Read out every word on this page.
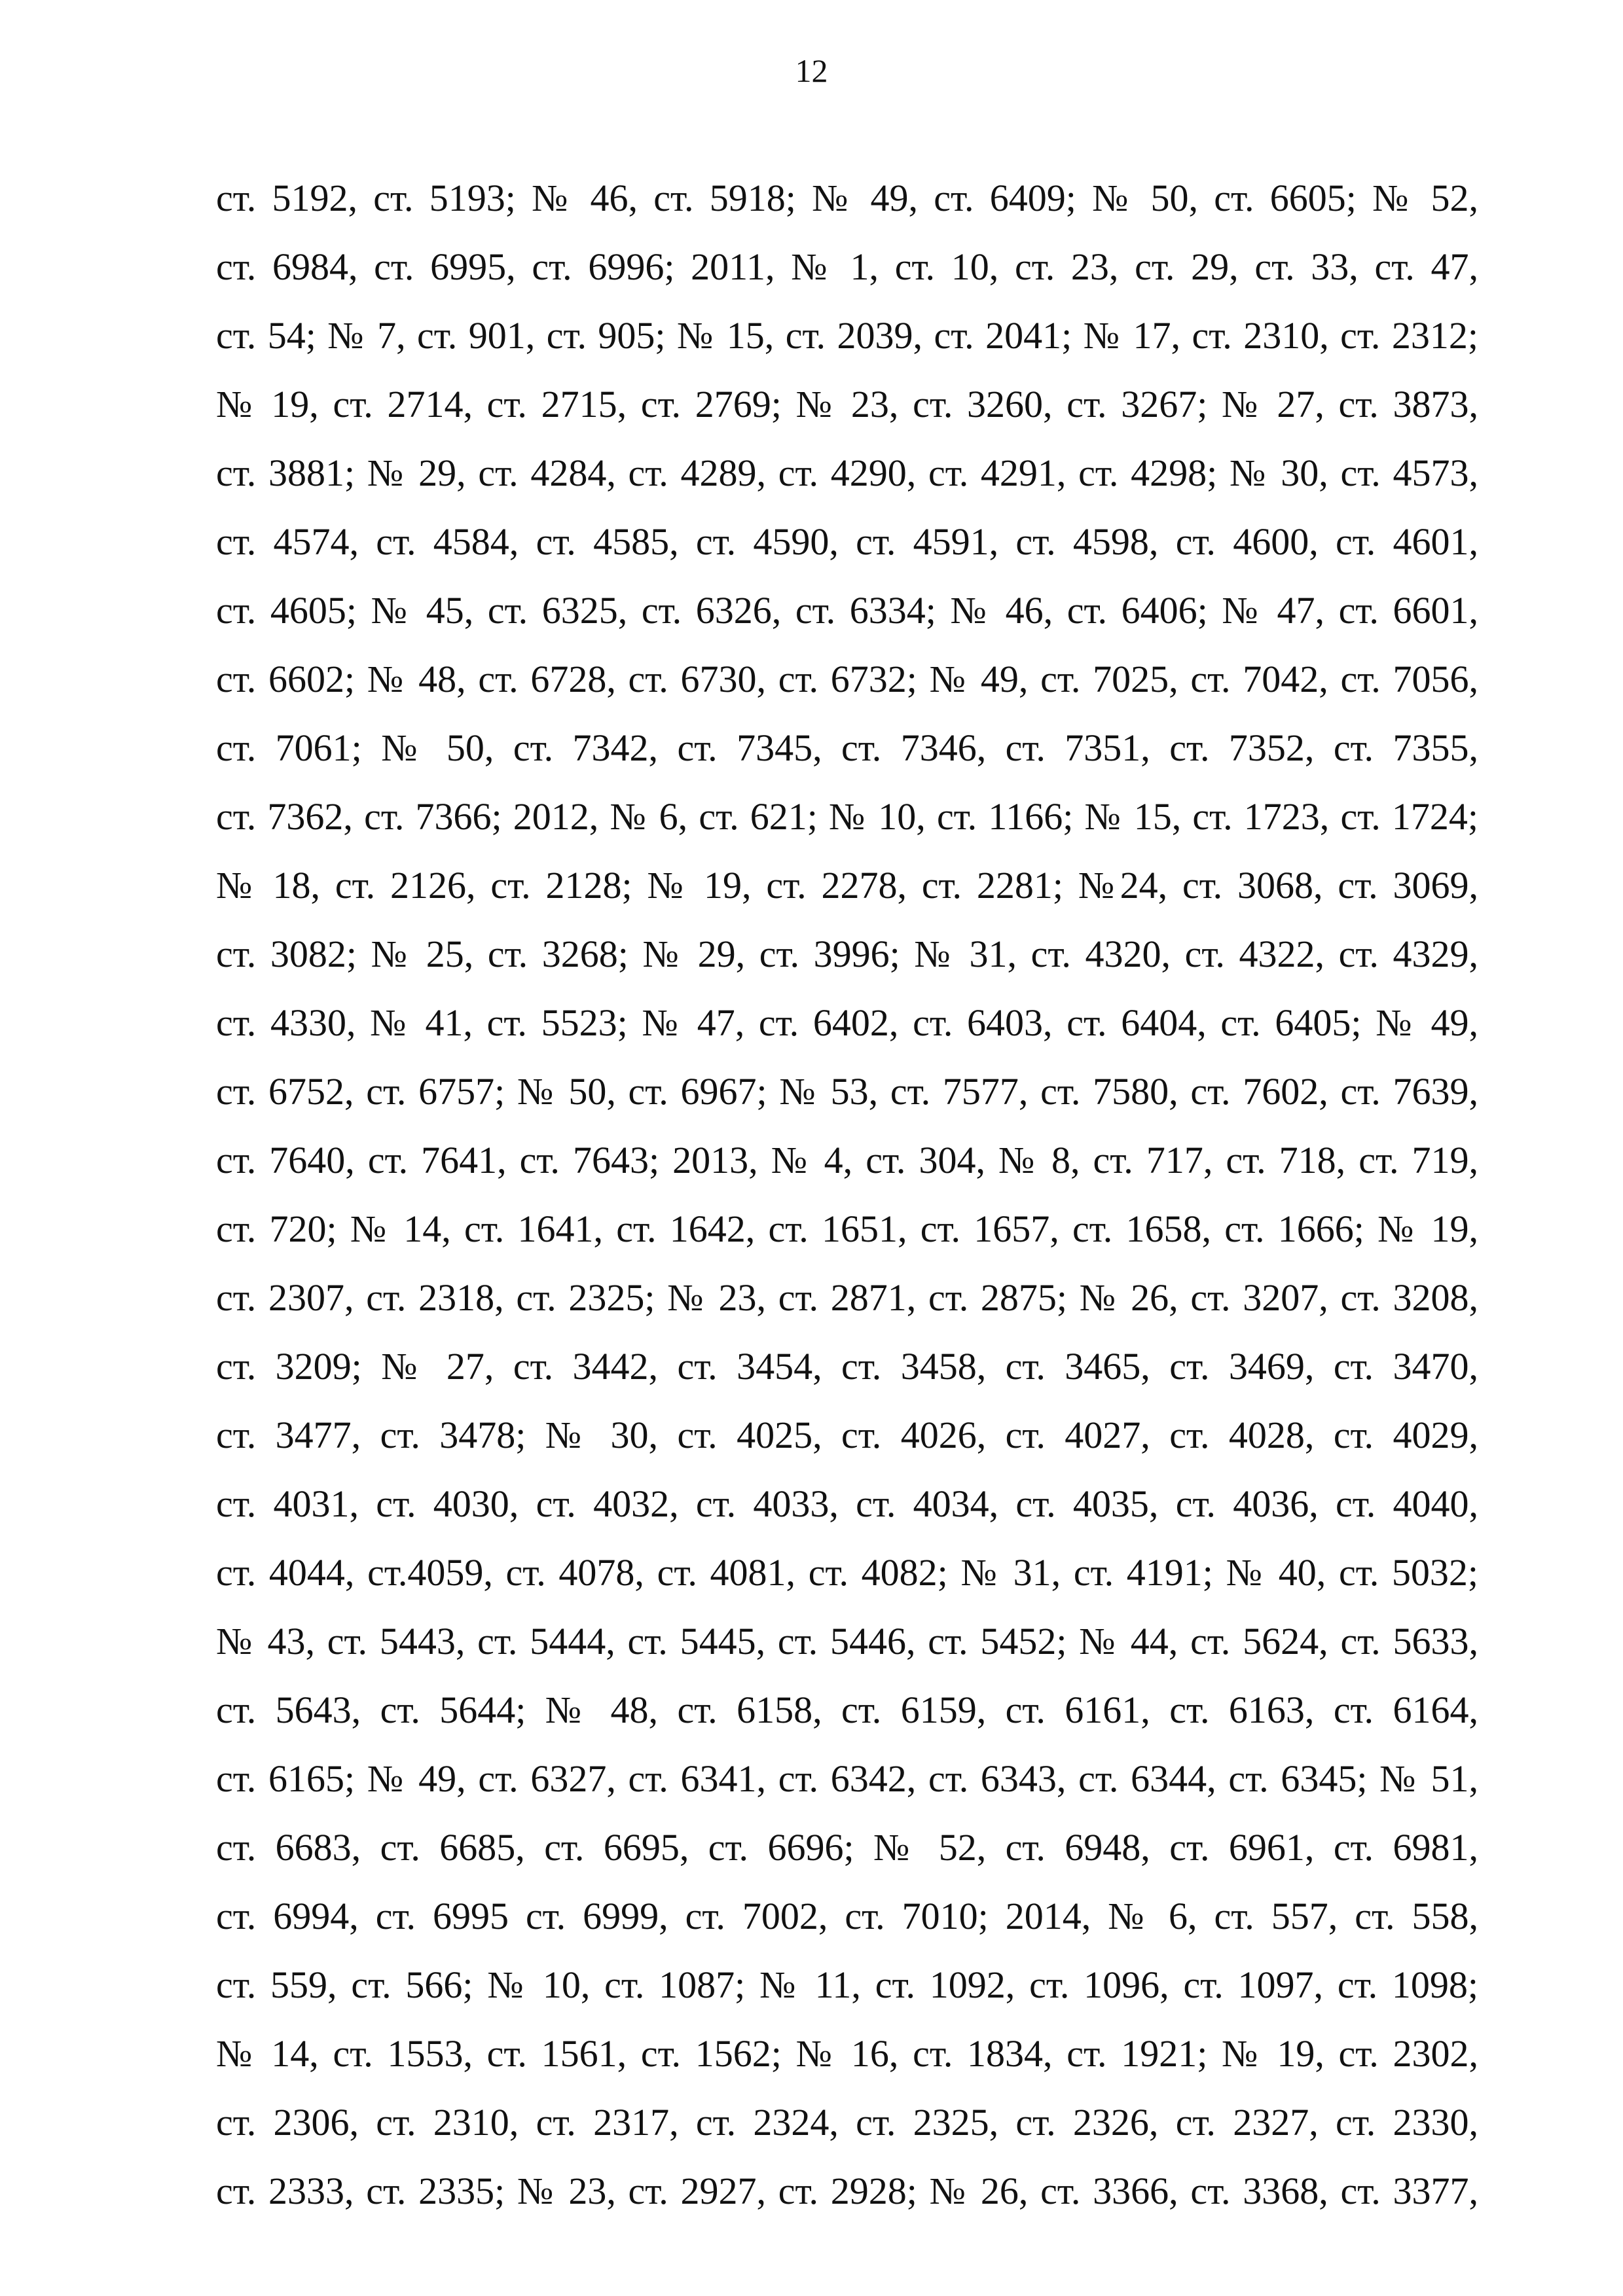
12
ст. 5192, ст. 5193; № 46, ст. 5918; № 49, ст. 6409; № 50, ст. 6605; № 52,
ст. 6984, ст. 6995, ст. 6996; 2011, № 1, ст. 10, ст. 23, ст. 29, ст. 33, ст. 47,
ст. 54; № 7, ст. 901, ст. 905; № 15, ст. 2039, ст. 2041; № 17, ст. 2310, ст. 2312;
№ 19, ст. 2714, ст. 2715, ст. 2769; № 23, ст. 3260, ст. 3267; № 27, ст. 3873,
ст. 3881; № 29, ст. 4284, ст. 4289, ст. 4290, ст. 4291, ст. 4298; № 30, ст. 4573,
ст. 4574, ст. 4584, ст. 4585, ст. 4590, ст. 4591, ст. 4598, ст. 4600, ст. 4601,
ст. 4605; № 45, ст. 6325, ст. 6326, ст. 6334; № 46, ст. 6406; № 47, ст. 6601,
ст. 6602; № 48, ст. 6728, ст. 6730, ст. 6732; № 49, ст. 7025, ст. 7042, ст. 7056,
ст. 7061; № 50, ст. 7342, ст. 7345, ст. 7346, ст. 7351, ст. 7352, ст. 7355,
ст. 7362, ст. 7366; 2012, № 6, ст. 621; № 10, ст. 1166; № 15, ст. 1723, ст. 1724;
№ 18, ст. 2126, ст. 2128; № 19, ст. 2278, ст. 2281; №24, ст. 3068, ст. 3069,
ст. 3082; № 25, ст. 3268; № 29, ст. 3996; № 31, ст. 4320, ст. 4322, ст. 4329,
ст. 4330, № 41, ст. 5523; № 47, ст. 6402, ст. 6403, ст. 6404, ст. 6405; № 49,
ст. 6752, ст. 6757; № 50, ст. 6967; № 53, ст. 7577, ст. 7580, ст. 7602, ст. 7639,
ст. 7640, ст. 7641, ст. 7643; 2013, № 4, ст. 304, № 8, ст. 717, ст. 718, ст. 719,
ст. 720; № 14, ст. 1641, ст. 1642, ст. 1651, ст. 1657, ст. 1658, ст. 1666; № 19,
ст. 2307, ст. 2318, ст. 2325; № 23, ст. 2871, ст. 2875; № 26, ст. 3207, ст. 3208,
ст. 3209; № 27, ст. 3442, ст. 3454, ст. 3458, ст. 3465, ст. 3469, ст. 3470,
ст. 3477, ст. 3478; № 30, ст. 4025, ст. 4026, ст. 4027, ст. 4028, ст. 4029,
ст. 4031, ст. 4030, ст. 4032, ст. 4033, ст. 4034, ст. 4035, ст. 4036, ст. 4040,
ст. 4044, ст.4059, ст. 4078, ст. 4081, ст. 4082; № 31, ст. 4191; № 40, ст. 5032;
№ 43, ст. 5443, ст. 5444, ст. 5445, ст. 5446, ст. 5452; № 44, ст. 5624, ст. 5633,
ст. 5643, ст. 5644; № 48, ст. 6158, ст. 6159, ст. 6161, ст. 6163, ст. 6164,
ст. 6165; № 49, ст. 6327, ст. 6341, ст. 6342, ст. 6343, ст. 6344, ст. 6345; № 51,
ст. 6683, ст. 6685, ст. 6695, ст. 6696; № 52, ст. 6948, ст. 6961, ст. 6981,
ст. 6994, ст. 6995 ст. 6999, ст. 7002, ст. 7010; 2014, № 6, ст. 557, ст. 558,
ст. 559, ст. 566; № 10, ст. 1087; № 11, ст. 1092, ст. 1096, ст. 1097, ст. 1098;
№ 14, ст. 1553, ст. 1561, ст. 1562; № 16, ст. 1834, ст. 1921; № 19, ст. 2302,
ст. 2306, ст. 2310, ст. 2317, ст. 2324, ст. 2325, ст. 2326, ст. 2327, ст. 2330,
ст. 2333, ст. 2335; № 23, ст. 2927, ст. 2928; № 26, ст. 3366, ст. 3368, ст. 3377,
